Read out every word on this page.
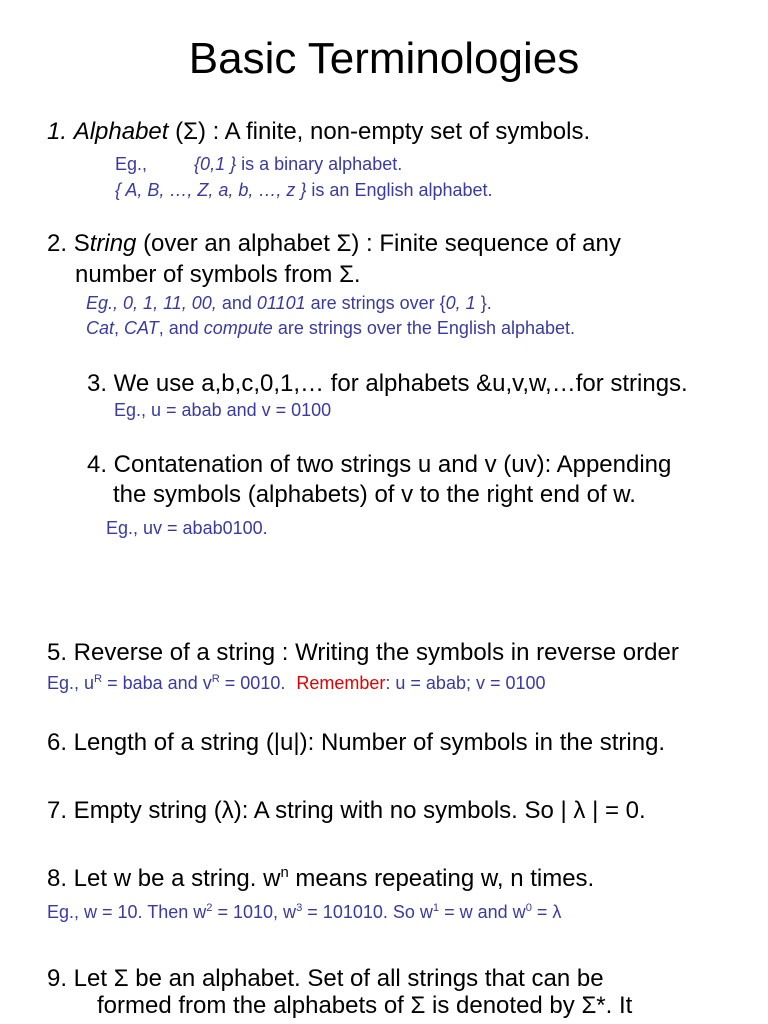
Basic Terminologies
1. Alphabet (Σ) : A finite, non-empty set of symbols.
Eg.,	{0,1 } is a binary alphabet.
{ A, B, …, Z, a, b, …, z } is an English alphabet.
2. String (over an alphabet Σ) : Finite sequence of any
number of symbols from Σ.
Eg., 0, 1, 11, 00, and 01101 are strings over {0, 1 }.
Cat, CAT, and compute are strings over the English alphabet.
3. We use a,b,c,0,1,… for alphabets &u,v,w,…for strings.
Eg., u = abab and v = 0100
4. Contatenation of two strings u and v (uv): Appending
the symbols (alphabets) of v to the right end of w.
Eg., uv = abab0100.
5. Reverse of a string : Writing the symbols in reverse order
Eg., $u^R$ = baba and $v^R = 0010$. Remember: u = abab; v = 0100
6. Length of a string (|u|): Number of symbols in the string.
7. Empty string (λ): A string with no symbols. So | λ | = 0.
8. Let w be a string. $w^n$ means repeating w, n times.
Eg., w = 10. Then $w^2 = 1010$, $w^3 = 101010$. So $w^1 = w$ and $w^0 = \lambda$
9. Let Σ be an alphabet. Set of all strings that can be
formed from the alphabets of Σ is denoted by Σ*. It
